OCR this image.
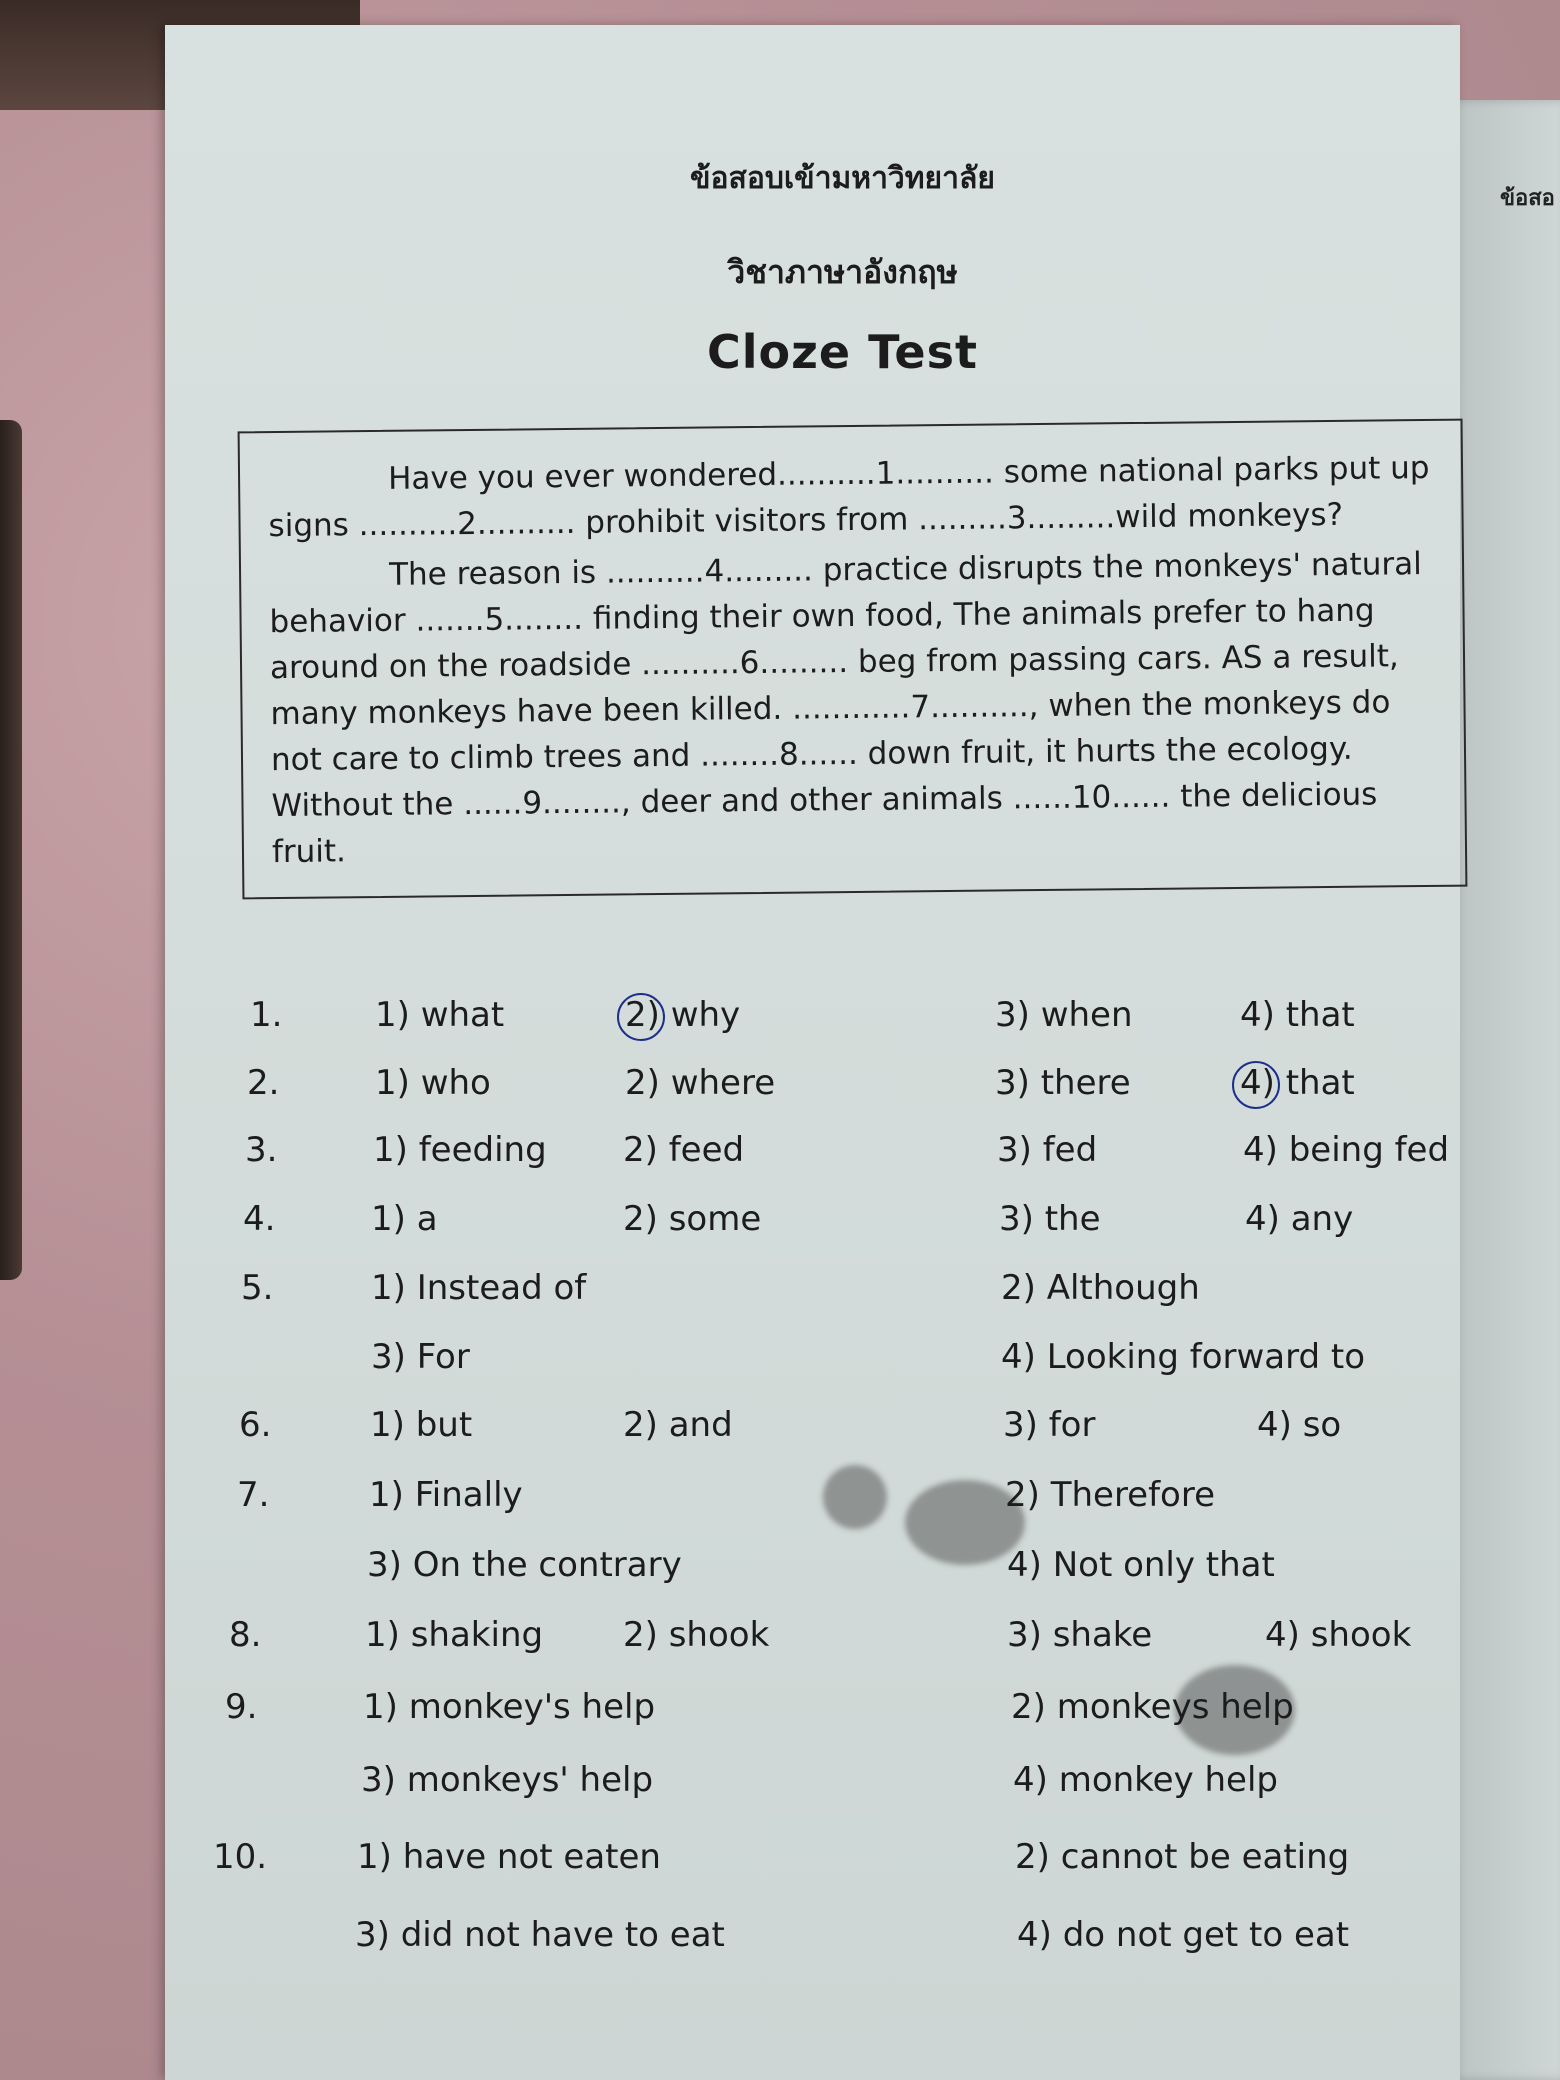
ข้อสอ
ข้อสอบเข้ามหาวิทยาลัย
วิชาภาษาอังกฤษ
Cloze Test

Have you ever wondered..........1.......... some national parks put up signs ..........2.......... prohibit visitors from .........3.........wild monkeys?

The reason is ..........4......... practice disrupts the monkeys' natural behavior .......5........ finding their own food, The animals prefer to hang around on the roadside ..........6......... beg from passing cars. AS a result, many monkeys have been killed. ............7.........., when the monkeys do not care to climb trees and ........8...... down fruit, it hurts the ecology. Without the ......9........, deer and other animals ......10...... the delicious fruit.

1.	1) what	2) why	3) when	4) that
2.	1) who	2) where	3) there	4) that
3.	1) feeding 2) feed	3) fed	4) being fed
4.	1) a	2) some	3) the	4) any
5.	1) Instead of	2) Although
3) For	4) Looking forward to
6.	1) but	2) and	3) for	4) so
7.	1) Finally	2) Therefore
3) On the contrary	4) Not only that
8.	1) shaking 2) shook	3) shake	4) shook
9.	1) monkey's help	2) monkeys help
3) monkeys' help	4) monkey help
10.	1) have not eaten	2) cannot be eating
3) did not have to eat	4) do not get to eat
